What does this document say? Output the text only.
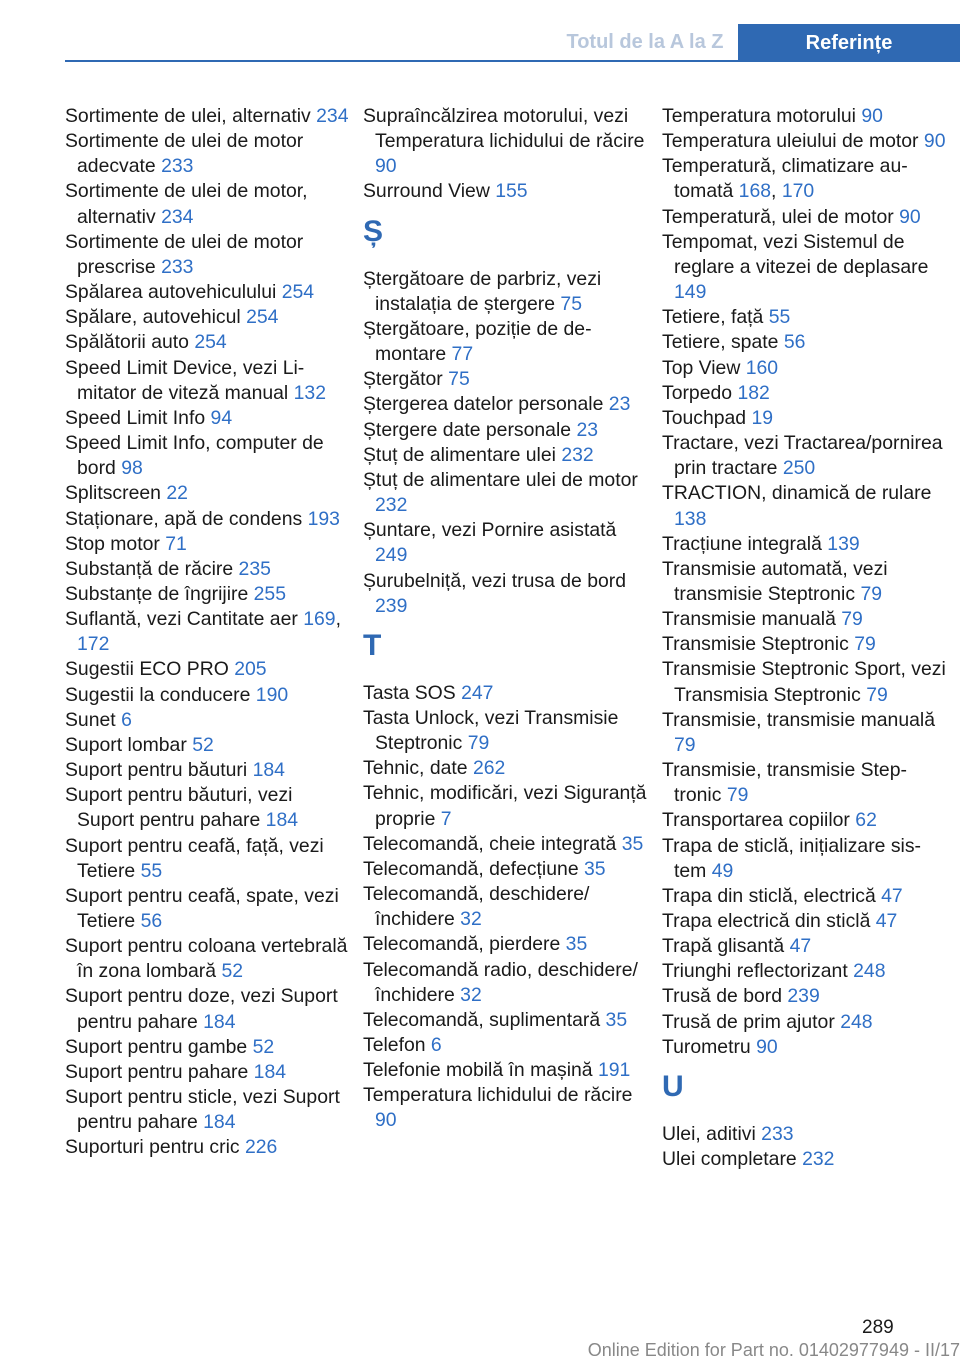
Totul de la A la Z	Referințe
Sortimente de ulei, alternativ 234
Sortimente de ulei de motor adecvate 233
Sortimente de ulei de motor, alternativ 234
Sortimente de ulei de motor prescrise 233
Spălarea autovehiculului 254
Spălare, autovehicul 254
Spălătorii auto 254
Speed Limit Device, vezi Limitator de viteză manual 132
Speed Limit Info 94
Speed Limit Info, computer de bord 98
Splitscreen 22
Staționare, apă de condens 193
Stop motor 71
Substanță de răcire 235
Substanțe de îngrijire 255
Suflantă, vezi Cantitate aer 169, 172
Sugestii ECO PRO 205
Sugestii la conducere 190
Sunet 6
Suport lombar 52
Suport pentru băuturi 184
Suport pentru băuturi, vezi Suport pentru pahare 184
Suport pentru ceafă, față, vezi Tetiere 55
Suport pentru ceafă, spate, vezi Tetiere 56
Suport pentru coloana vertebrală în zona lombară 52
Suport pentru doze, vezi Suport pentru pahare 184
Suport pentru gambe 52
Suport pentru pahare 184
Suport pentru sticle, vezi Suport pentru pahare 184
Suporturi pentru cric 226
Supraîncălzirea motorului, vezi Temperatura lichidului de răcire 90
Surround View 155
Ș
Ștergătoare de parbriz, vezi instalația de ștergere 75
Ștergătoare, poziție de demontare 77
Ștergător 75
Ștergerea datelor personale 23
Ștergere date personale 23
Ștuț de alimentare ulei 232
Ștuț de alimentare ulei de motor 232
Șuntare, vezi Pornire asistată 249
Șurubelniță, vezi trusa de bord 239
T
Tasta SOS 247
Tasta Unlock, vezi Transmisie Steptronic 79
Tehnic, date 262
Tehnic, modificări, vezi Siguranță proprie 7
Telecomandă, cheie integrată 35
Telecomandă, defecțiune 35
Telecomandă, deschidere/​închidere 32
Telecomandă, pierdere 35
Telecomandă radio, deschidere/închidere 32
Telecomandă, suplimentară 35
Telefon 6
Telefonie mobilă în mașină 191
Temperatura lichidului de răcire 90
Temperatura motorului 90
Temperatura uleiului de motor 90
Temperatură, climatizare automată 168, 170
Temperatură, ulei de motor 90
Tempomat, vezi Sistemul de reglare a vitezei de deplasare 149
Tetiere, față 55
Tetiere, spate 56
Top View 160
Torpedo 182
Touchpad 19
Tractare, vezi Tractarea/​pornirea prin tractare 250
TRACTION, dinamică de rulare 138
Tracțiune integrală 139
Transmisie automată, vezi transmisie Steptronic 79
Transmisie manuală 79
Transmisie Steptronic 79
Transmisie Steptronic Sport, vezi Transmisia Steptronic 79
Transmisie, transmisie manuală 79
Transmisie, transmisie Steptronic 79
Transportarea copiilor 62
Trapa de sticlă, inițializare sistem 49
Trapa din sticlă, electrică 47
Trapa electrică din sticlă 47
Trapă glisantă 47
Triunghi reflectorizant 248
Trusă de bord 239
Trusă de prim ajutor 248
Turometru 90
U
Ulei, aditivi 233
Ulei completare 232
289
Online Edition for Part no. 01402977949 - II/17
